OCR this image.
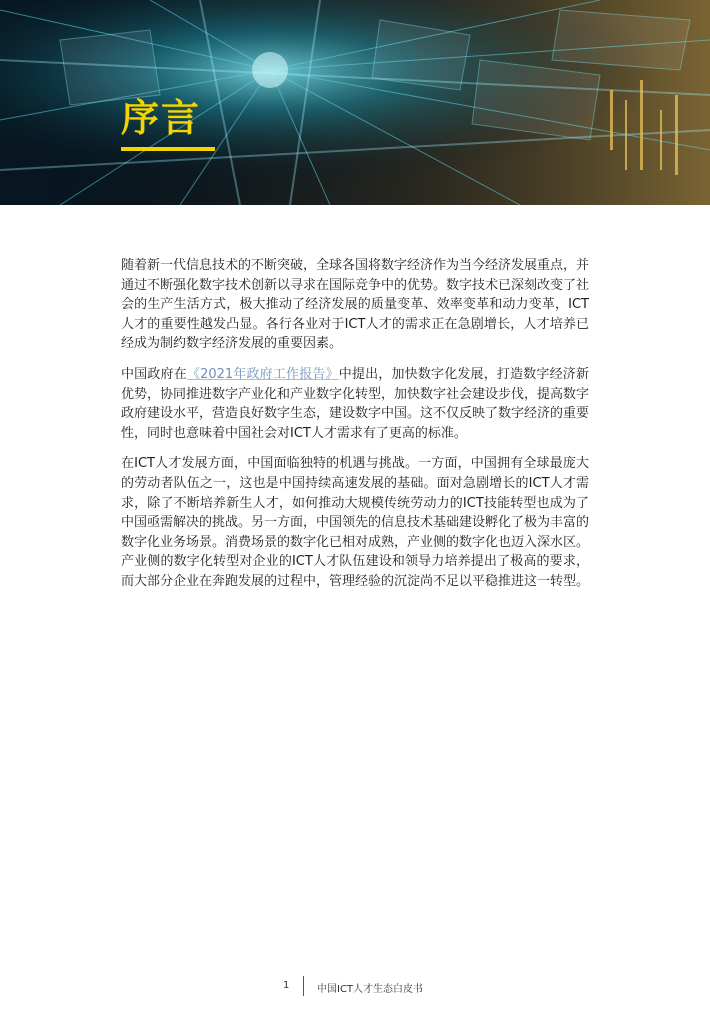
序言

随着新一代信息技术的不断突破，全球各国将数字经济作为当今经济发展重点，并通过不断强化数字技术创新以寻求在国际竞争中的优势。数字技术已深刻改变了社会的生产生活方式，极大推动了经济发展的质量变革、效率变革和动力变革，ICT人才的重要性越发凸显。各行各业对于ICT人才的需求正在急剧增长，人才培养已经成为制约数字经济发展的重要因素。

中国政府在《2021年政府工作报告》中提出，加快数字化发展，打造数字经济新优势，协同推进数字产业化和产业数字化转型，加快数字社会建设步伐，提高数字政府建设水平，营造良好数字生态，建设数字中国。这不仅反映了数字经济的重要性，同时也意味着中国社会对ICT人才需求有了更高的标准。

在ICT人才发展方面，中国面临独特的机遇与挑战。一方面，中国拥有全球最庞大的劳动者队伍之一，这也是中国持续高速发展的基础。面对急剧增长的ICT人才需求，除了不断培养新生人才，如何推动大规模传统劳动力的ICT技能转型也成为了中国亟需解决的挑战。另一方面，中国领先的信息技术基础建设孵化了极为丰富的数字化业务场景。消费场景的数字化已相对成熟，产业侧的数字化也迈入深水区。产业侧的数字化转型对企业的ICT人才队伍建设和领导力培养提出了极高的要求，而大部分企业在奔跑发展的过程中，管理经验的沉淀尚不足以平稳推进这一转型。

1	中国ICT人才生态白皮书
